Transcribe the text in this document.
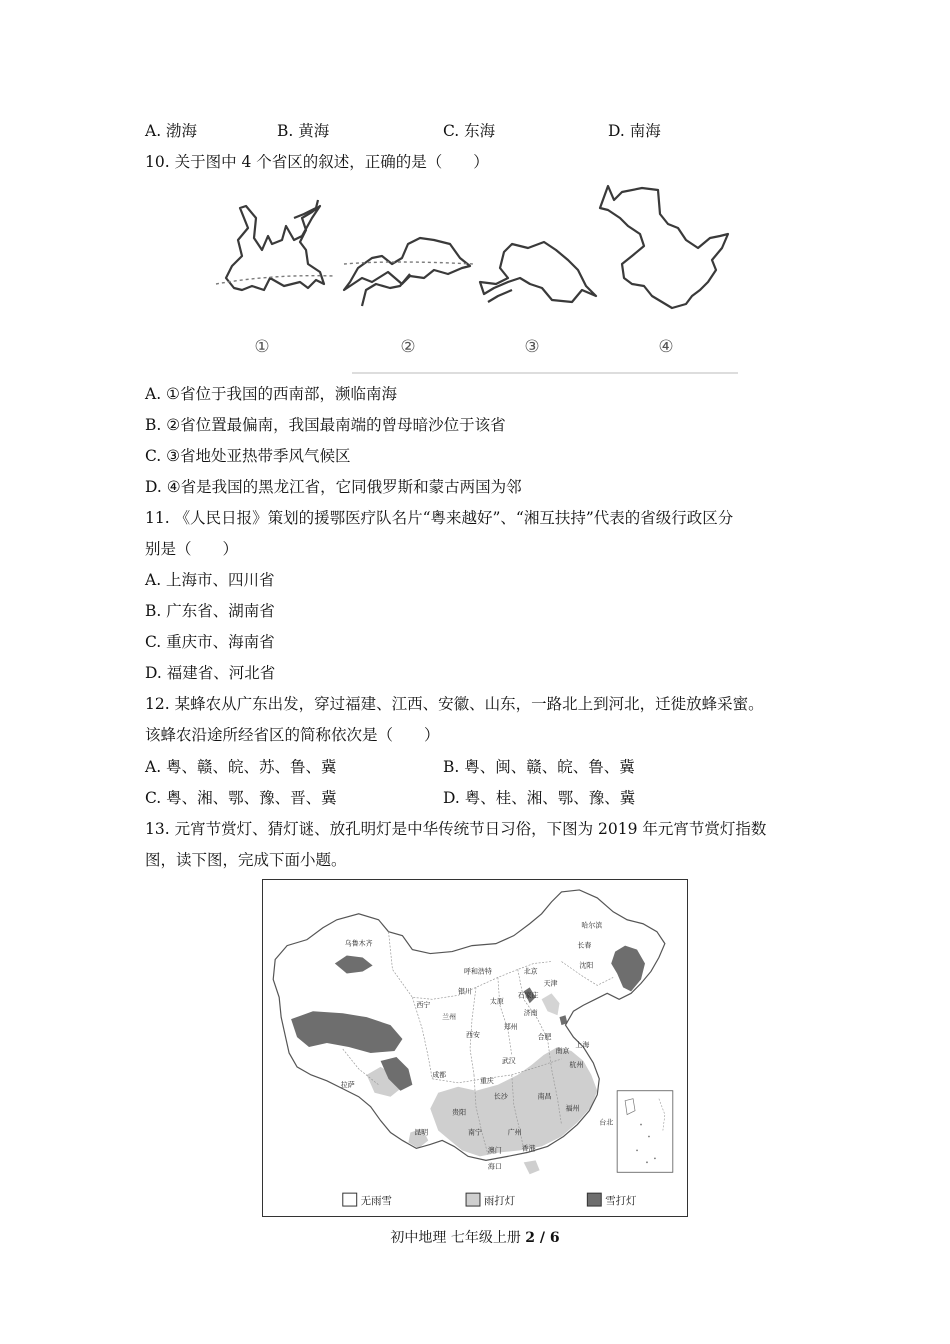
A. 渤海	B. 黄海	C. 东海	D. 南海
10. 关于图中 4 个省区的叙述，正确的是（　　）
①	②	③	④
A. ①省位于我国的西南部，濒临南海
B. ②省位置最偏南，我国最南端的曾母暗沙位于该省
C. ③省地处亚热带季风气候区
D. ④省是我国的黑龙江省，它同俄罗斯和蒙古两国为邻
11. 《人民日报》策划的援鄂医疗队名片“粤来越好”、“湘互扶持”代表的省级行政区分
别是（　　）
A. 上海市、四川省
B. 广东省、湖南省
C. 重庆市、海南省
D. 福建省、河北省
12. 某蜂农从广东出发，穿过福建、江西、安徽、山东，一路北上到河北，迁徙放蜂采蜜。
该蜂农沿途所经省区的简称依次是（　　）
A. 粤、赣、皖、苏、鲁、冀	B. 粤、闽、赣、皖、鲁、冀
C. 粤、湘、鄂、豫、晋、冀	D. 粤、桂、湘、鄂、豫、冀
13. 元宵节赏灯、猜灯谜、放孔明灯是中华传统节日习俗，下图为 2019 年元宵节赏灯指数
图，读下图，完成下面小题。
乌鲁木齐
哈尔滨
长春
沈阳
呼和浩特	北京
天津
石家庄
银川
太原
济南
西宁
兰州
郑州
西安	合肥
南京
上海
拉萨
成都
武汉	杭州
重庆
长沙	南昌
福州
台北
贵阳
昆明	南宁	广州
澳门	香港
海口
无雨雪	雨打灯	雪打灯
初中地理 七年级上册 2 / 6
